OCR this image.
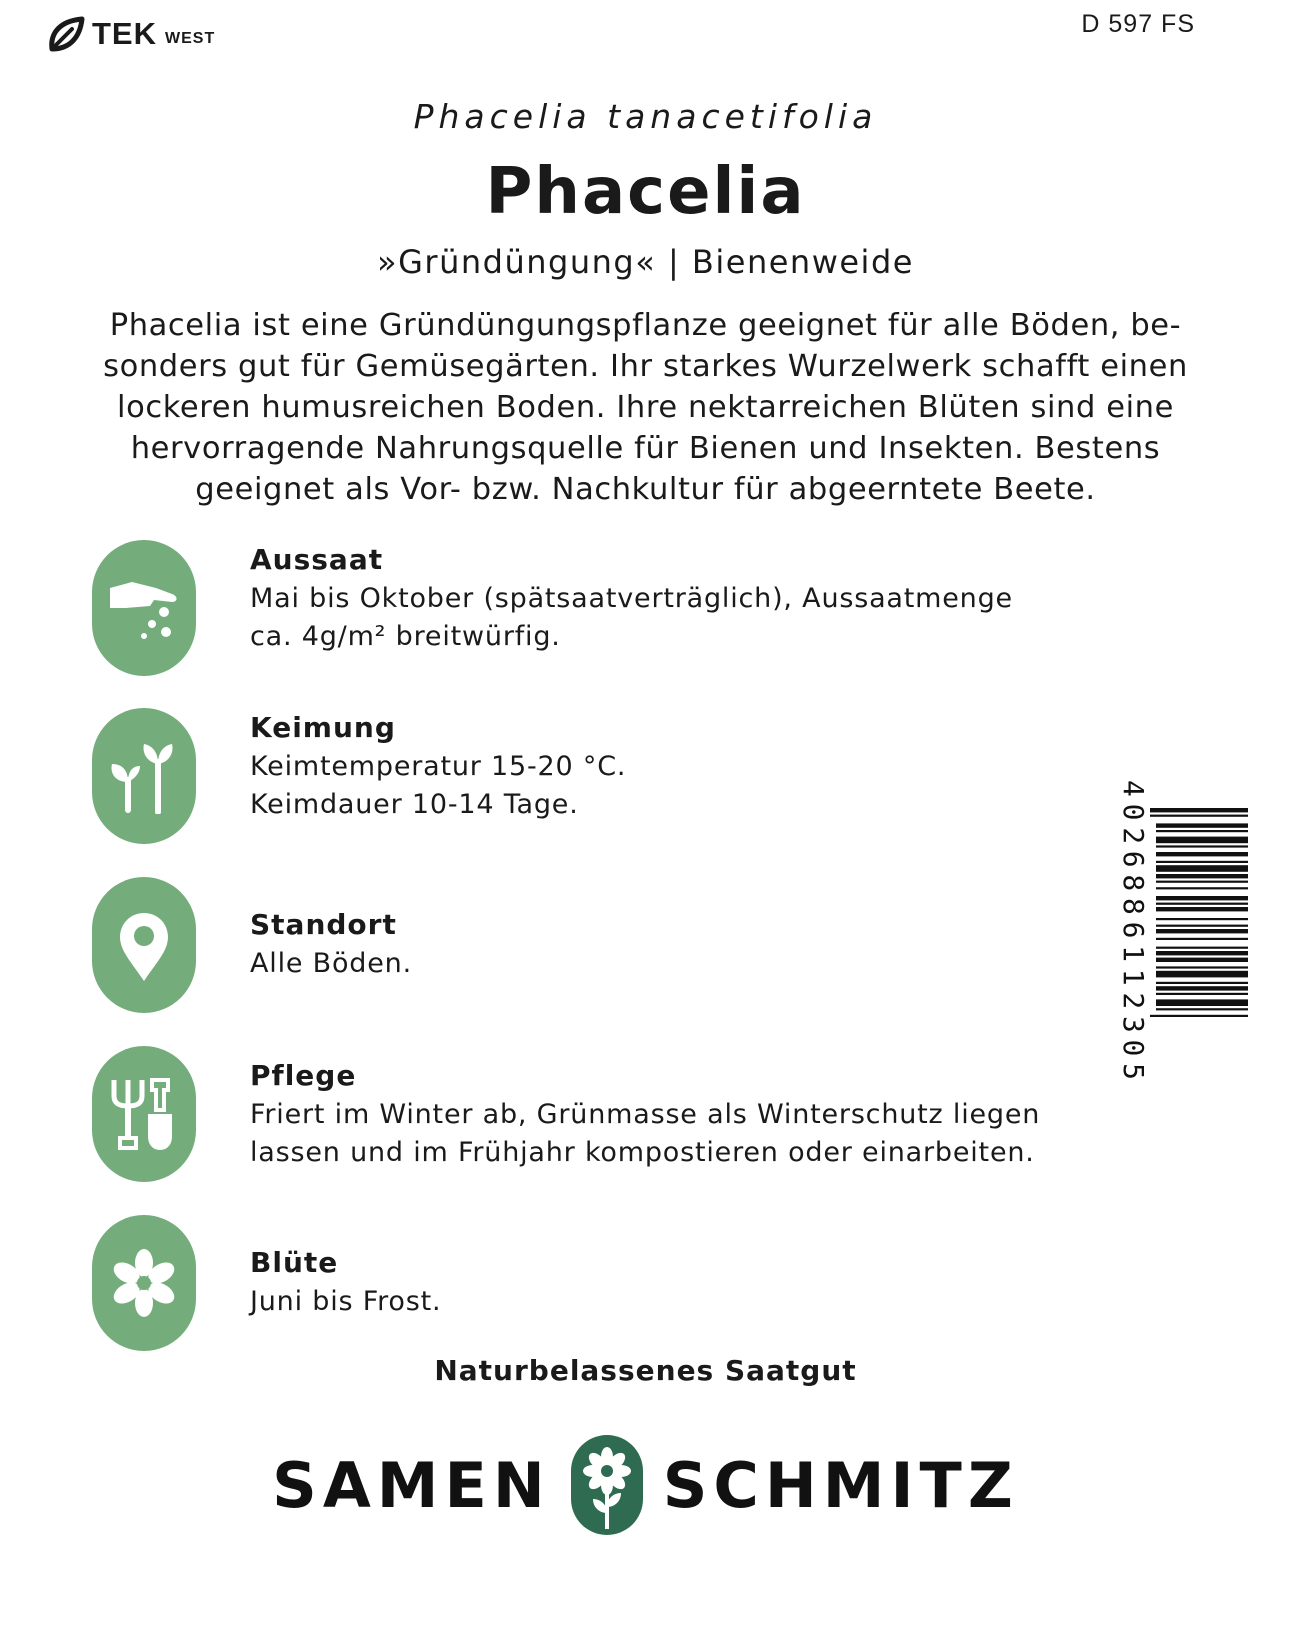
TEK WEST
D 597 FS
Phacelia tanacetifolia
Phacelia
»Gründüngung« | Bienenweide
Phacelia ist eine Gründüngungspflanze geeignet für alle Böden, be-
sonders gut für Gemüsegärten. Ihr starkes Wurzelwerk schafft einen
lockeren humusreichen Boden. Ihre nektarreichen Blüten sind eine
hervorragende Nahrungsquelle für Bienen und Insekten. Bestens
geeignet als Vor- bzw. Nachkultur für abgeerntete Beete.
Aussaat
Mai bis Oktober (spätsaatverträglich), Aussaatmenge
ca. 4g/m² breitwürfig.
Keimung
Keimtemperatur 15-20 °C.
Keimdauer 10-14 Tage.
Standort
Alle Böden.
Pflege
Friert im Winter ab, Grünmasse als Winterschutz liegen
lassen und im Frühjahr kompostieren oder einarbeiten.
Blüte
Juni bis Frost.
4026886112305
Naturbelassenes Saatgut
SAMEN SCHMITZ
